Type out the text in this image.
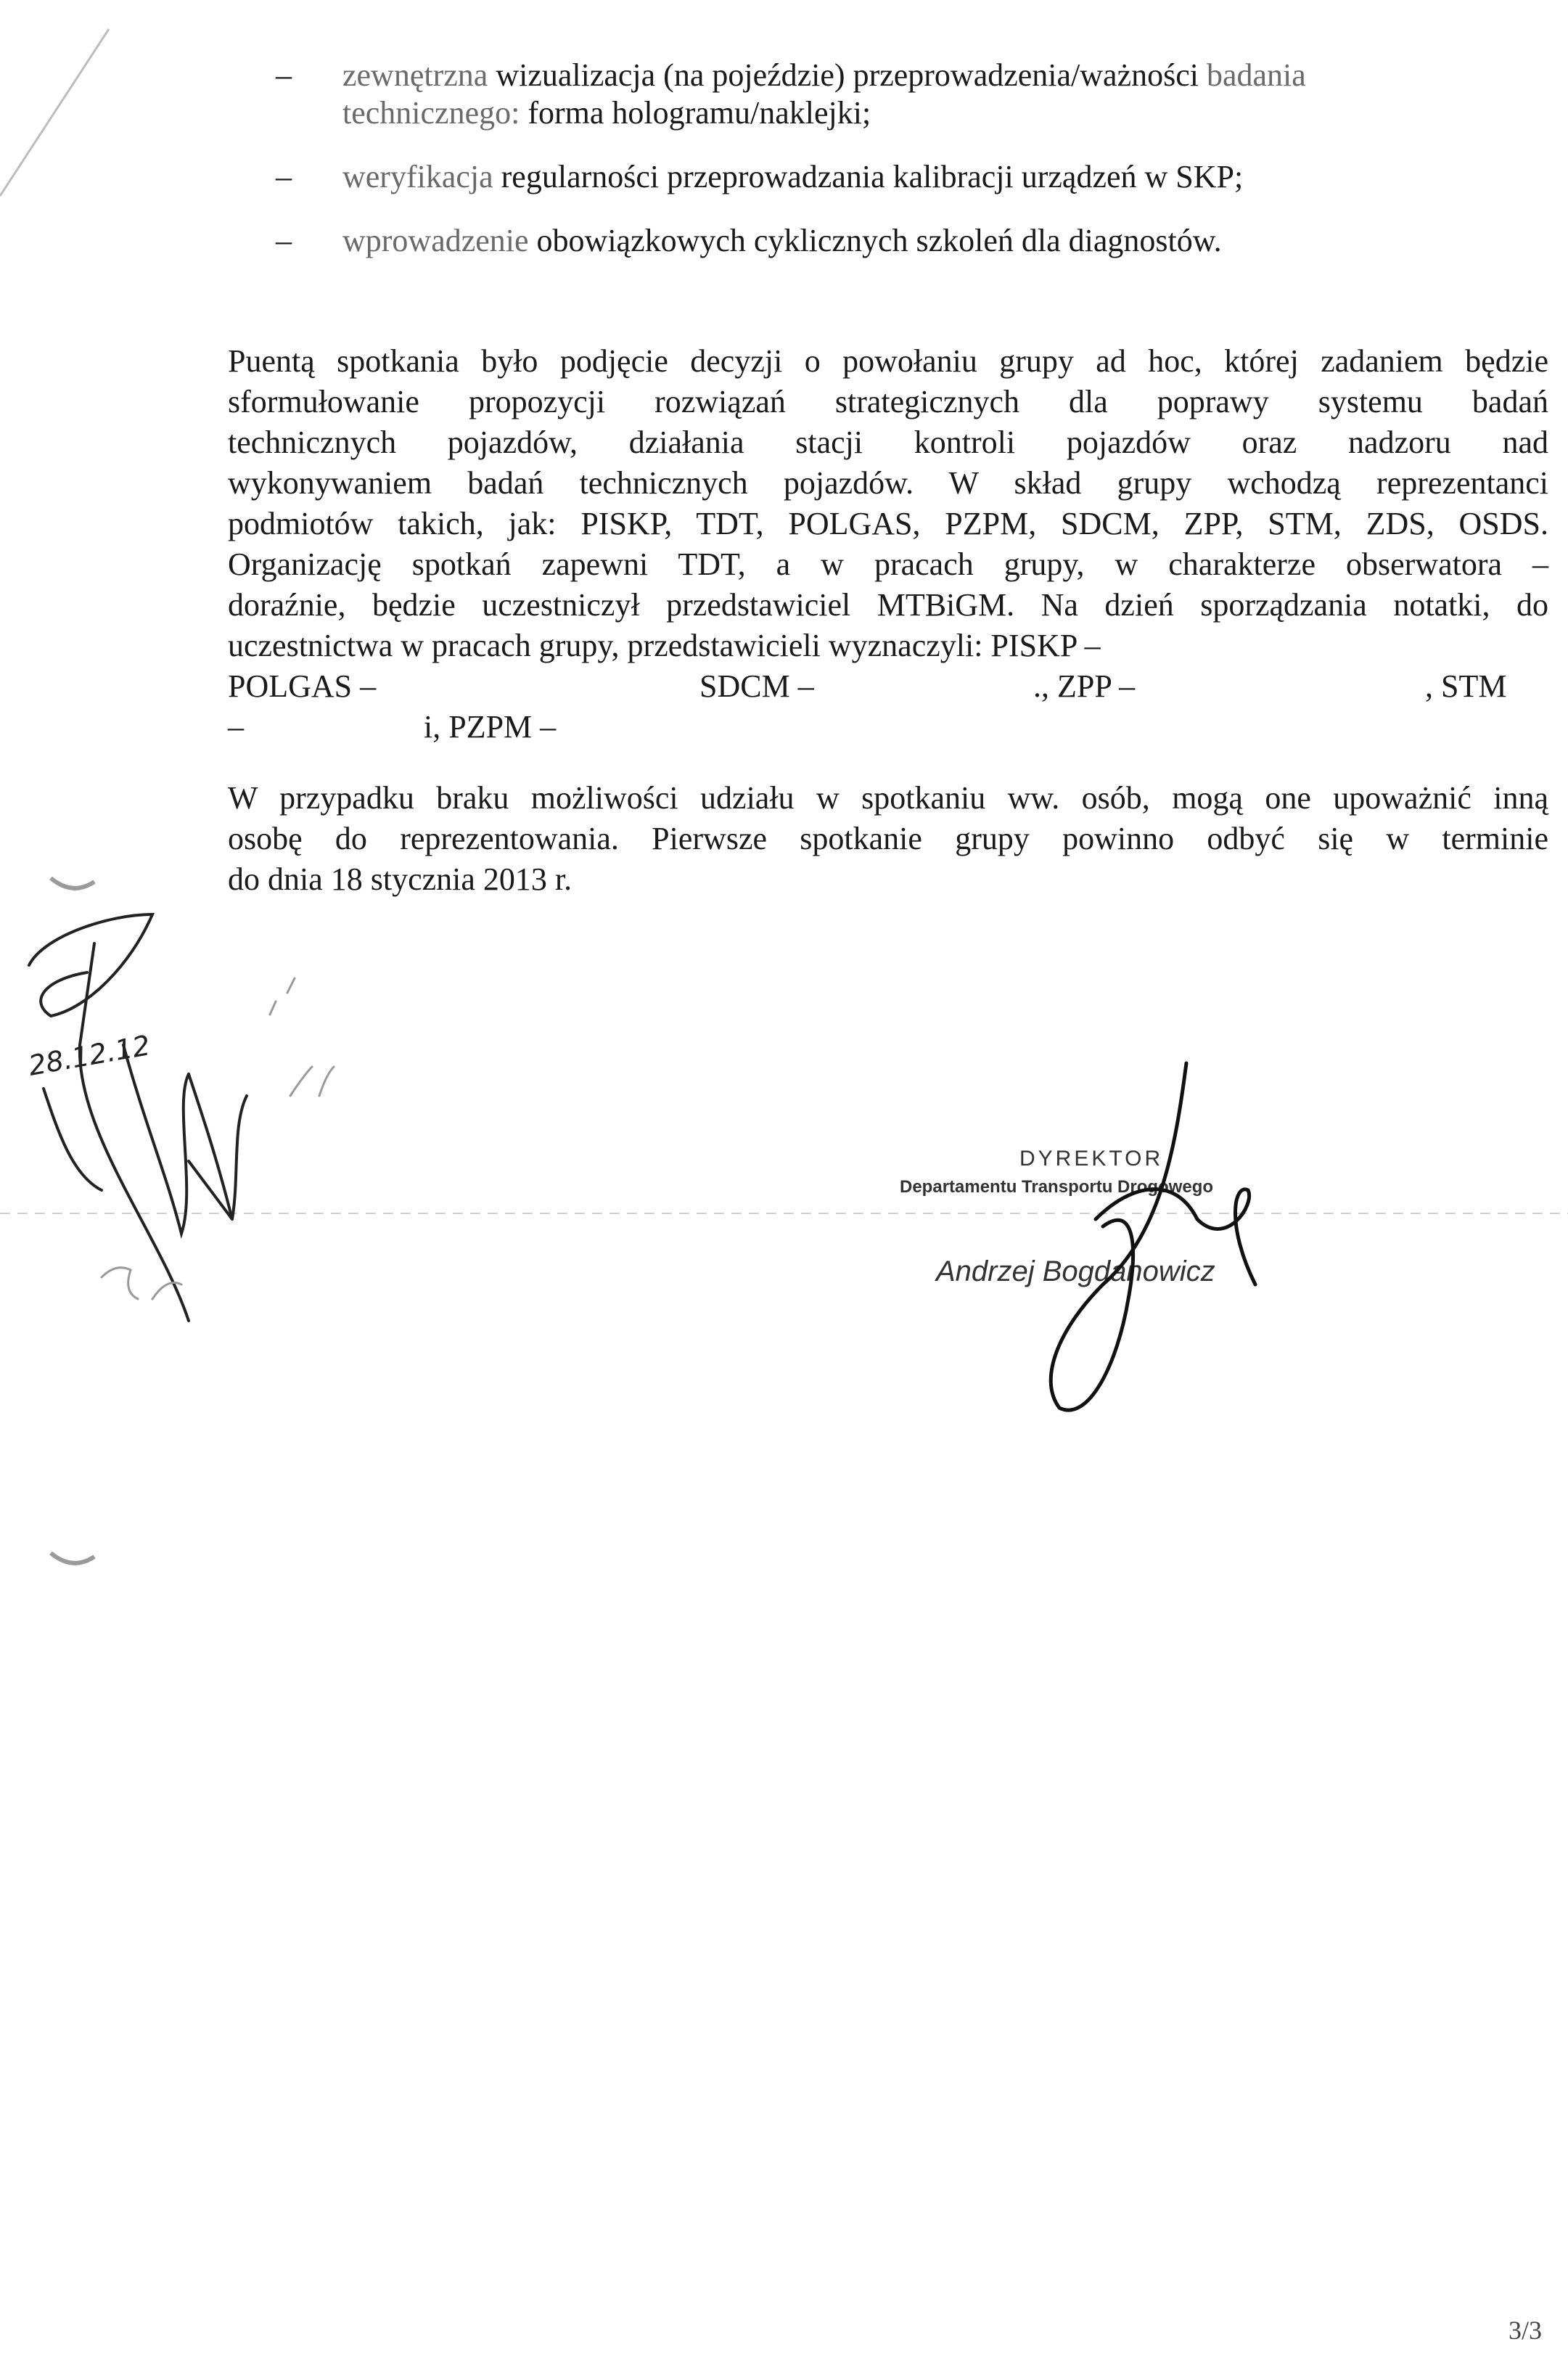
– zewnętrzna wizualizacja (na pojeździe) przeprowadzenia/ważności badania
technicznego: forma hologramu/naklejki;
– weryfikacja regularności przeprowadzania kalibracji urządzeń w SKP;
– wprowadzenie obowiązkowych cyklicznych szkoleń dla diagnostów.
Puentą spotkania było podjęcie decyzji o powołaniu grupy ad hoc, której zadaniem będzie
sformułowanie propozycji rozwiązań strategicznych dla poprawy systemu badań
technicznych pojazdów, działania stacji kontroli pojazdów oraz nadzoru nad
wykonywaniem badań technicznych pojazdów. W skład grupy wchodzą reprezentanci
podmiotów takich, jak: PISKP, TDT, POLGAS, PZPM, SDCM, ZPP, STM, ZDS, OSDS.
Organizację spotkań zapewni TDT, a w pracach grupy, w charakterze obserwatora –
doraźnie, będzie uczestniczył przedstawiciel MTBiGM. Na dzień sporządzania notatki, do
uczestnictwa w pracach grupy, przedstawicieli wyznaczyli: PISKP –
POLGAS –	SDCM –	., ZPP –	, STM
–	i, PZPM –
W przypadku braku możliwości udziału w spotkaniu ww. osób, mogą one upoważnić inną
osobę do reprezentowania. Pierwsze spotkanie grupy powinno odbyć się w terminie
do dnia 18 stycznia 2013 r.
28.12.12
DYREKTOR
Departamentu Transportu Drogowego
Andrzej Bogdanowicz
3/3
